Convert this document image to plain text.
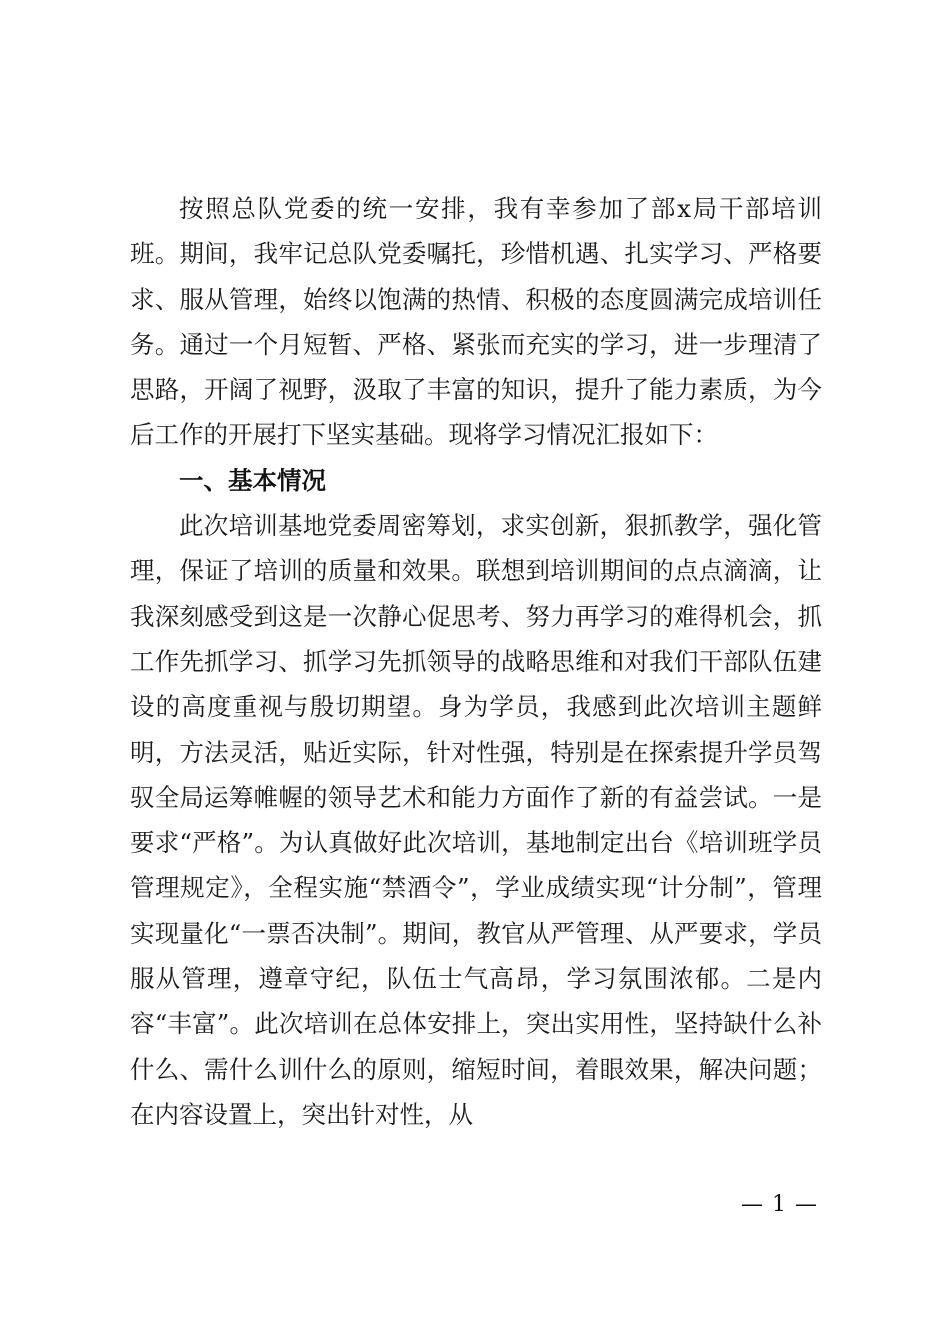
按照总队党委的统一安排，我有幸参加了部x局干部培训班。期间，我牢记总队党委嘱托，珍惜机遇、扎实学习、严格要求、服从管理，始终以饱满的热情、积极的态度圆满完成培训任务。通过一个月短暂、严格、紧张而充实的学习，进一步理清了思路，开阔了视野，汲取了丰富的知识，提升了能力素质，为今后工作的开展打下坚实基础。现将学习情况汇报如下：

一、基本情况

此次培训基地党委周密筹划，求实创新，狠抓教学，强化管理，保证了培训的质量和效果。联想到培训期间的点点滴滴，让我深刻感受到这是一次静心促思考、努力再学习的难得机会，抓工作先抓学习、抓学习先抓领导的战略思维和对我们干部队伍建设的高度重视与殷切期望。身为学员，我感到此次培训主题鲜明，方法灵活，贴近实际，针对性强，特别是在探索提升学员驾驭全局运筹帷幄的领导艺术和能力方面作了新的有益尝试。一是要求“严格”。为认真做好此次培训，基地制定出台《培训班学员管理规定》，全程实施“禁酒令”，学业成绩实现“计分制”，管理实现量化“一票否决制”。期间，教官从严管理、从严要求，学员服从管理，遵章守纪，队伍士气高昂，学习氛围浓郁。二是内容“丰富”。此次培训在总体安排上，突出实用性，坚持缺什么补什么、需什么训什么的原则，缩短时间，着眼效果，解决问题；在内容设置上，突出针对性，从

— 1 —
